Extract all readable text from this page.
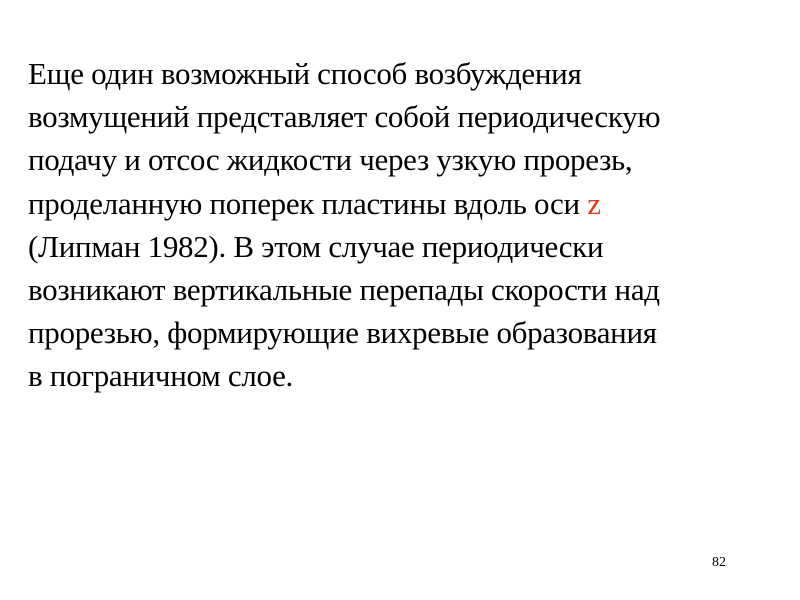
Еще один возможный способ возбуждения
возмущений представляет собой периодическую
подачу и отсос жидкости через узкую прорезь,
проделанную поперек пластины вдоль оси z
(Липман 1982). В этом случае периодически
возникают вертикальные перепады скорости над
прорезью, формирующие вихревые образования
в пограничном слое.

82
